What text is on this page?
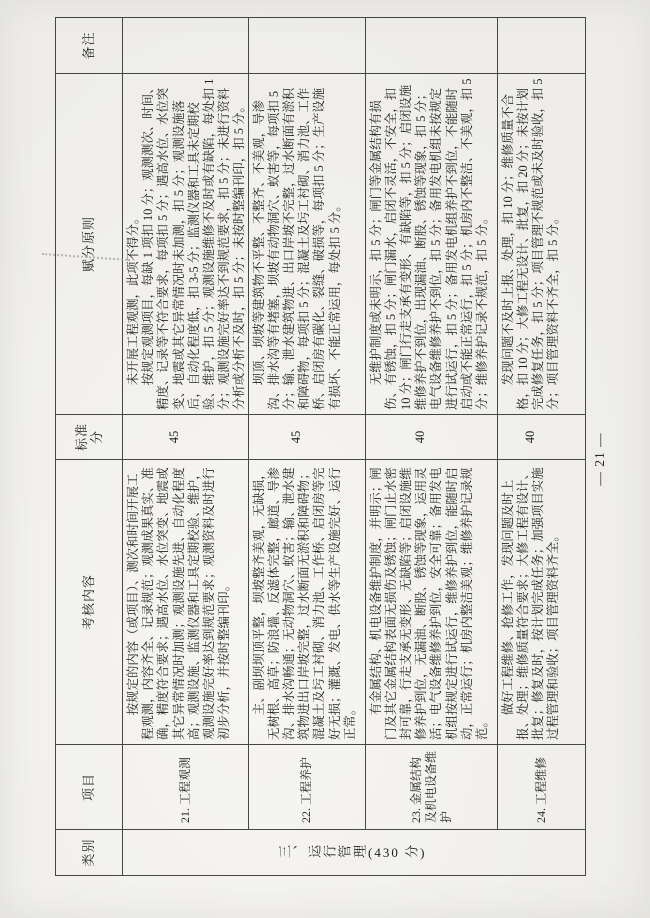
类别	项目	考核内容	标准分	赋分原则	备注
三、运行管理(430 分)	21. 工程观测	按规定的内容（或项目）、测次和时间开展工程观测，内容齐全、记录规范；观测成果真实、准确，精度符合要求；遇高水位、水位突变、地震或其它异常情况时加测；观测设施先进、自动化程度高；观测设施、监测仪器和工具定期校验、维护，观测设施完好率达到规范要求；观测资料及时进行初步分析，并按时整编刊印。	45	未开展工程观测，此项不得分。 按规定观测项目，每缺 1 项扣 10 分；观测测次、时间、精度、记录等不符合要求，每项扣 5 分；遇高水位、水位突变、地震或其它异常情况时未加测，扣 5 分；观测设施落后，自动化程度低，扣 3-5 分；监测仪器和工具未定期校验、维护，扣 5 分；观测设施维修不及时或有缺陷，每处扣 1 分；观测设施完好率达不到规范要求，扣 5 分；未进行资料分析或分析不及时，扣 5 分；未按时整编刊印，扣 5 分。	

	22. 工程养护	主、副坝坝顶平整，坝坡整齐美观，无缺损，无树根、高草；防浪墙、反滤体完整，廊道、导渗沟、排水沟畅通；无动物洞穴、蚁害；输、泄水建筑物进出口岸坡完整，过水断面无淤积和障碍物；混凝土及圬工衬砌、消力池、工作桥、启闭房等完好无损；灌溉、发电、供水等生产设施完好、运行正常。	45	坝顶、坝坡等建筑物不平整、不整齐、不美观，导渗沟、排水沟等有堵塞，坝坡有动物洞穴、蚁害等，每项扣 5 分；输、泄水建筑物进、出口岸坡不完整，过水断面有淤积和障碍物，每项扣 5 分；混凝土及圬工衬砌、消力池、工作桥、启闭房有碳化、裂缝、破损等，每项扣 5 分；生产设施有损坏、不能正常运用，每处扣 5 分。	

	23. 金属结构及机电设备维护	有金属结构、机电设备维护制度，并明示；闸门及其它金属结构表面无损伤及锈蚀；闸门止水密封可靠，行走支承无变形、无缺陷等；启闭设施维修养护到位，无漏油、断股、锈蚀等现象，运用灵活；电气设备维修养护到位，安全可靠；备用发电机组按规定进行试运行，维修养护到位，能随时启动，正常运行；机房内整洁美观；维修养护记录规范。	40	无维护制度或未明示，扣 5 分；闸门等金属结构有损伤、有锈蚀，扣 5 分；闸门漏水，启闭不灵活，不安全，扣 10 分；闸门行走支承有变形、有缺陷等，扣 5 分；启闭设施维修养护不到位，出现漏油、断股、锈蚀等现象，扣 5 分；电气设备维修养护不到位，扣 5 分；备用发电机组未按规定进行试运行，扣 5 分；备用发电机组养护不到位，不能随时启动或不能正常运行，扣 5 分；机房内不整洁、不美观，扣 5 分；维修养护记录不规范，扣 5 分。	

	24. 工程维修	做好工程维修、抢修工作，发现问题及时上报、处理；维修质量符合要求；大修工程有设计、批复；修复及时，按计划完成任务；加强项目实施过程管理和验收；项目管理资料齐全。	40	发现问题不及时上报、处理，扣 10 分；维修质量不合格，扣 10 分；大修工程无设计、批复，扣 20 分；未按计划完成修复任务，扣 5 分；项目管理不规范或未及时验收，扣 5 分；项目管理资料不齐全，扣 5 分。	

— 21 —
